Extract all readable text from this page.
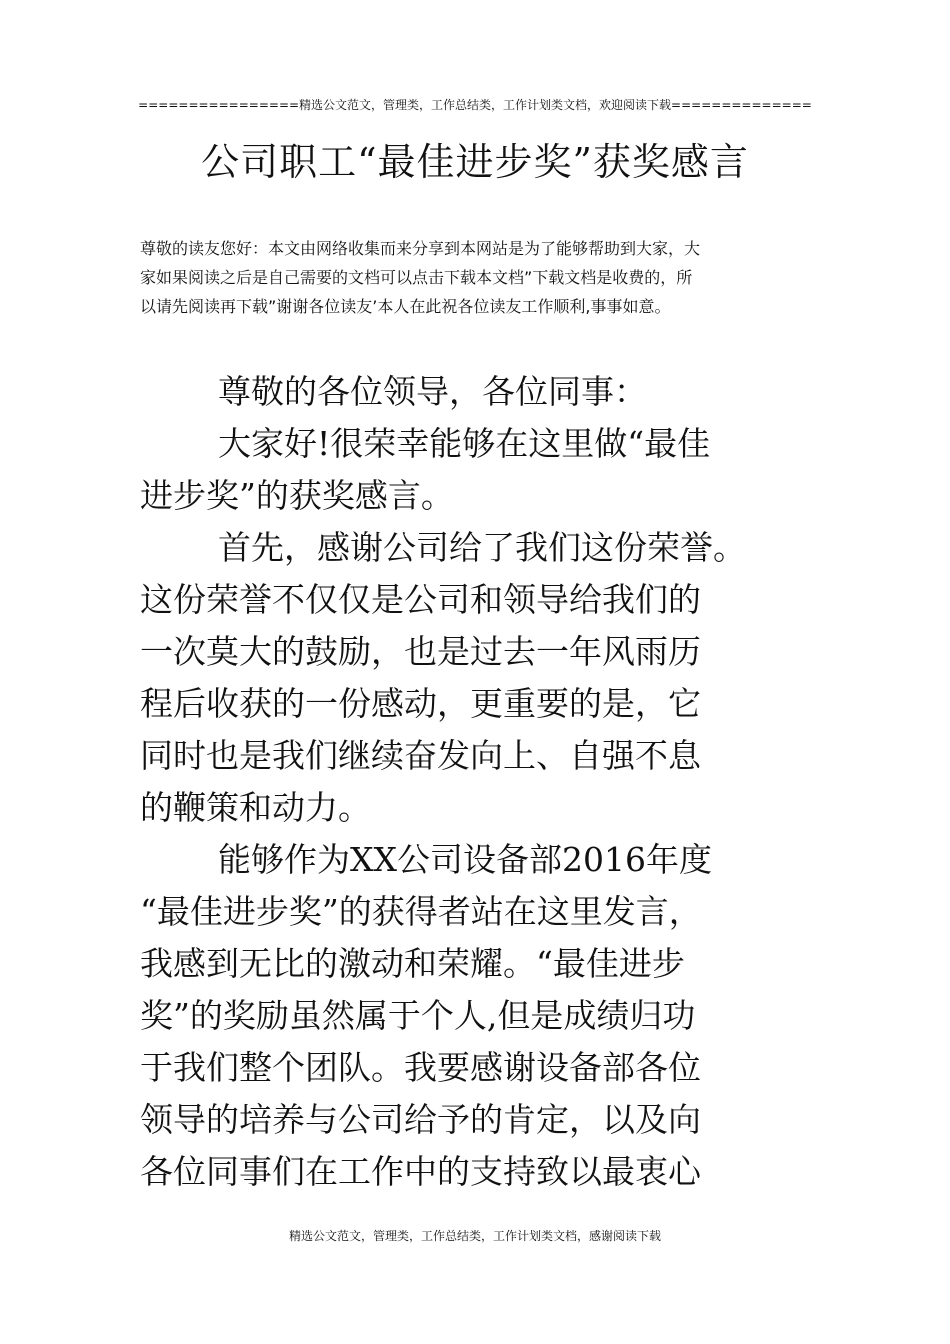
================精选公文范文，管理类，工作总结类，工作计划类文档，欢迎阅读下载==============
公司职工“最佳进步奖”获奖感言
尊敬的读友您好：本文由网络收集而来分享到本网站是为了能够帮助到大家，大
家如果阅读之后是自己需要的文档可以点击下载本文档”下载文档是收费的，所
以请先阅读再下载”谢谢各位读友’本人在此祝各位读友工作顺利,事事如意。
尊敬的各位领导，各位同事：
大家好!很荣幸能够在这里做“最佳
进步奖”的获奖感言。
首先，感谢公司给了我们这份荣誉。
这份荣誉不仅仅是公司和领导给我们的
一次莫大的鼓励，也是过去一年风雨历
程后收获的一份感动，更重要的是，它
同时也是我们继续奋发向上、自强不息
的鞭策和动力。
能够作为XX公司设备部2016年度
“最佳进步奖”的获得者站在这里发言，
我感到无比的激动和荣耀。“最佳进步
奖”的奖励虽然属于个人,但是成绩归功
于我们整个团队。我要感谢设备部各位
领导的培养与公司给予的肯定，以及向
各位同事们在工作中的支持致以最衷心
精选公文范文，管理类，工作总结类，工作计划类文档，感谢阅读下载
